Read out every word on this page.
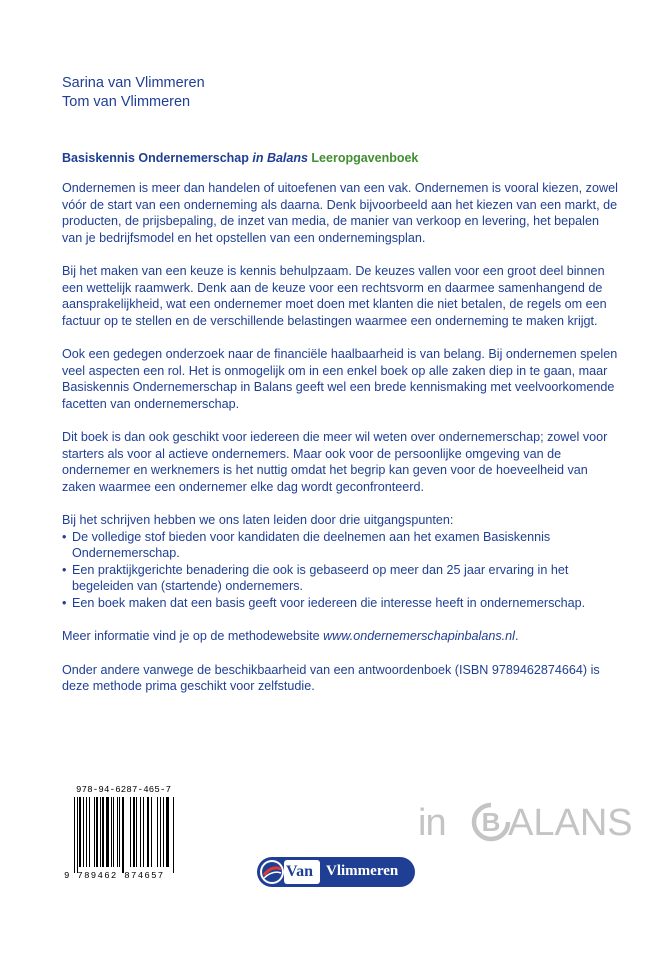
Sarina van Vlimmeren
Tom van Vlimmeren
Basiskennis Ondernemerschap in Balans Leeropgavenboek

Ondernemen is meer dan handelen of uitoefenen van een vak. Ondernemen is vooral kiezen, zowel vóór de start van een onderneming als daarna. Denk bijvoorbeeld aan het kiezen van een markt, de producten, de prijsbepaling, de inzet van media, de manier van verkoop en levering, het bepalen van je bedrijfsmodel en het opstellen van een ondernemingsplan.

Bij het maken van een keuze is kennis behulpzaam. De keuzes vallen voor een groot deel binnen een wettelijk raamwerk. Denk aan de keuze voor een rechtsvorm en daarmee samenhangend de aansprakelijkheid, wat een ondernemer moet doen met klanten die niet betalen, de regels om een factuur op te stellen en de verschillende belastingen waarmee een onderneming te maken krijgt.

Ook een gedegen onderzoek naar de financiële haalbaarheid is van belang. Bij ondernemen spelen veel aspecten een rol. Het is onmogelijk om in een enkel boek op alle zaken diep in te gaan, maar Basiskennis Ondernemerschap in Balans geeft wel een brede kennismaking met veelvoorkomende facetten van ondernemerschap.

Dit boek is dan ook geschikt voor iedereen die meer wil weten over ondernemerschap; zowel voor starters als voor al actieve ondernemers. Maar ook voor de persoonlijke omgeving van de ondernemer en werknemers is het nuttig omdat het begrip kan geven voor de hoeveelheid van zaken waarmee een ondernemer elke dag wordt geconfronteerd.

Bij het schrijven hebben we ons laten leiden door drie uitgangspunten:

• De volledige stof bieden voor kandidaten die deelnemen aan het examen Basiskennis Ondernemerschap.
• Een praktijkgerichte benadering die ook is gebaseerd op meer dan 25 jaar ervaring in het begeleiden van (startende) ondernemers.
• Een boek maken dat een basis geeft voor iedereen die interesse heeft in ondernemerschap.

Meer informatie vind je op de methodewebsite www.ondernemerschapinbalans.nl.

Onder andere vanwege de beschikbaarheid van een antwoordenboek (ISBN 9789462874664) is deze methode prima geschikt voor zelfstudie.

978-94-6287-465-7
9 789462 874657
in B ALANS
Van Vlimmeren
